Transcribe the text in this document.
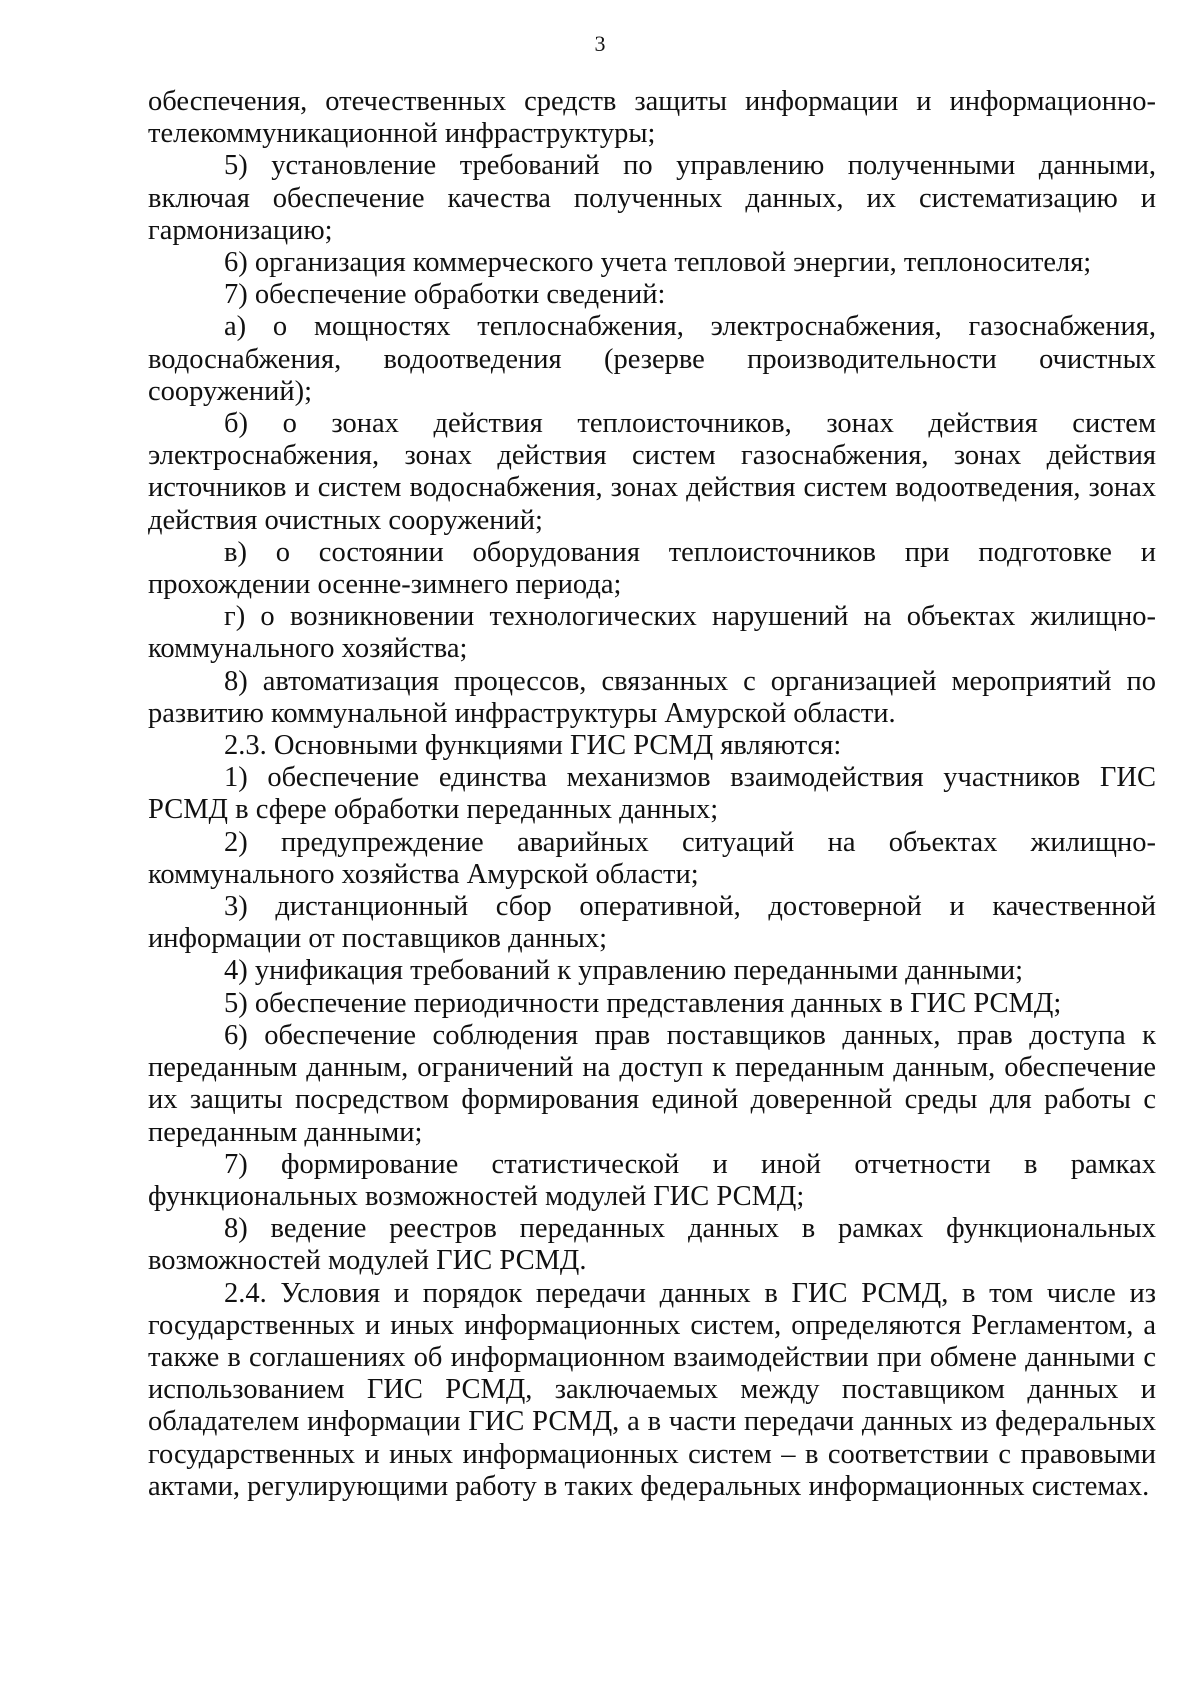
3

обеспечения, отечественных средств защиты информации и информационно-телекоммуникационной инфраструктуры;

5) установление требований по управлению полученными данными, включая обеспечение качества полученных данных, их систематизацию и гармонизацию;

6) организация коммерческого учета тепловой энергии, теплоносителя;

7) обеспечение обработки сведений:

а) о мощностях теплоснабжения, электроснабжения, газоснабжения, водоснабжения, водоотведения (резерве производительности очистных сооружений);

б) о зонах действия теплоисточников, зонах действия систем электроснабжения, зонах действия систем газоснабжения, зонах действия источников и систем водоснабжения, зонах действия систем водоотведения, зонах действия очистных сооружений;

в) о состоянии оборудования теплоисточников при подготовке и прохождении осенне-зимнего периода;

г) о возникновении технологических нарушений на объектах жилищно-коммунального хозяйства;

8) автоматизация процессов, связанных с организацией мероприятий по развитию коммунальной инфраструктуры Амурской области.

2.3. Основными функциями ГИС РСМД являются:

1) обеспечение единства механизмов взаимодействия участников ГИС РСМД в сфере обработки переданных данных;

2) предупреждение аварийных ситуаций на объектах жилищно-коммунального хозяйства Амурской области;

3) дистанционный сбор оперативной, достоверной и качественной информации от поставщиков данных;

4) унификация требований к управлению переданными данными;

5) обеспечение периодичности представления данных в ГИС РСМД;

6) обеспечение соблюдения прав поставщиков данных, прав доступа к переданным данным, ограничений на доступ к переданным данным, обеспечение их защиты посредством формирования единой доверенной среды для работы с переданным данными;

7) формирование статистической и иной отчетности в рамках функциональных возможностей модулей ГИС РСМД;

8) ведение реестров переданных данных в рамках функциональных возможностей модулей ГИС РСМД.

2.4. Условия и порядок передачи данных в ГИС РСМД, в том числе из государственных и иных информационных систем, определяются Регламентом, а также в соглашениях об информационном взаимодействии при обмене данными с использованием ГИС РСМД, заключаемых между поставщиком данных и обладателем информации ГИС РСМД, а в части передачи данных из федеральных государственных и иных информационных систем – в соответствии с правовыми актами, регулирующими работу в таких федеральных информационных системах.
